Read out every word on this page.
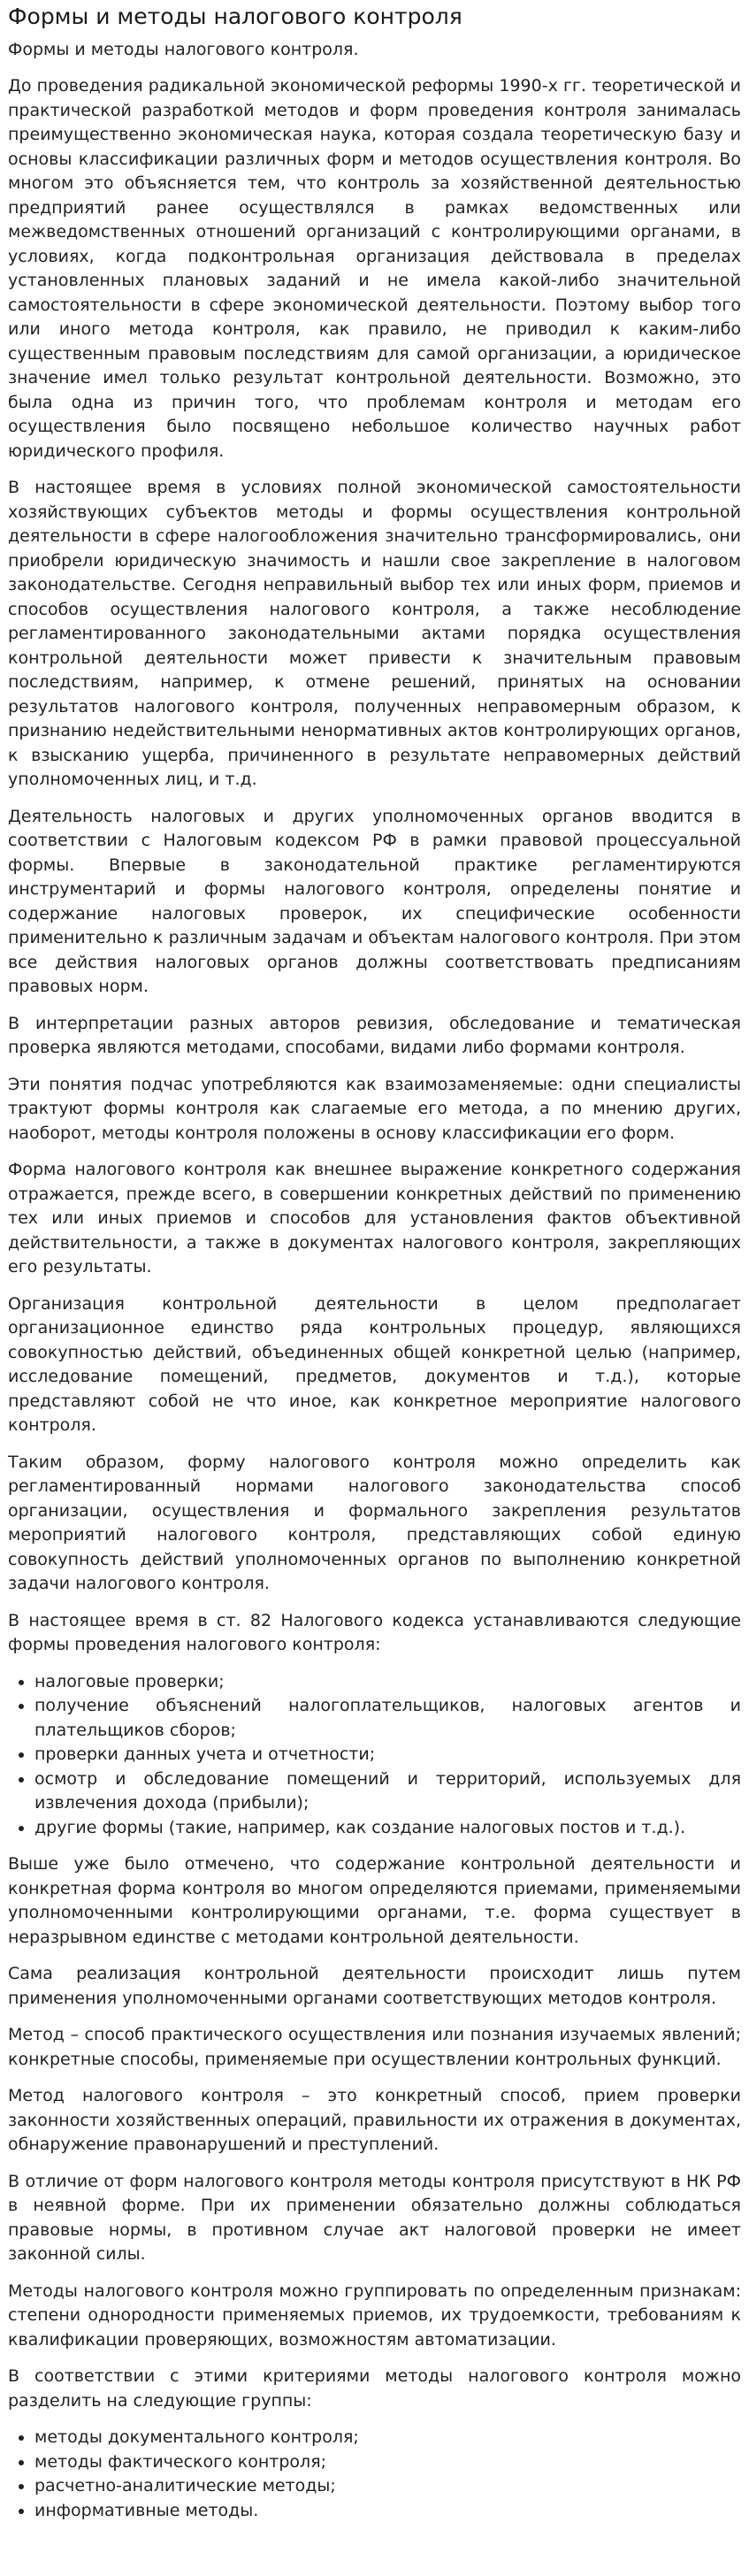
Формы и методы налогового контроля
Формы и методы налогового контроля.

До проведения радикальной экономической реформы 1990-х гг. теоретической и практической разработкой методов и форм проведения контроля занималась преимущественно экономическая наука, которая создала теоретическую базу и основы классификации различных форм и методов осуществления контроля. Во многом это объясняется тем, что контроль за хозяйственной деятельностью предприятий ранее осуществлялся в рамках ведомственных или межведомственных отношений организаций с контролирующими органами, в условиях, когда подконтрольная организация действовала в пределах установленных плановых заданий и не имела какой-либо значительной самостоятельности в сфере экономической деятельности. Поэтому выбор того или иного метода контроля, как правило, не приводил к каким-либо существенным правовым последствиям для самой организации, а юридическое значение имел только результат контрольной деятельности. Возможно, это была одна из причин того, что проблемам контроля и методам его осуществления было посвящено небольшое количество научных работ юридического профиля.

В настоящее время в условиях полной экономической самостоятельности хозяйствующих субъектов методы и формы осуществления контрольной деятельности в сфере налогообложения значительно трансформировались, они приобрели юридическую значимость и нашли свое закрепление в налоговом законодательстве. Сегодня неправильный выбор тех или иных форм, приемов и способов осуществления налогового контроля, а также несоблюдение регламентированного законодательными актами порядка осуществления контрольной деятельности может привести к значительным правовым последствиям, например, к отмене решений, принятых на основании результатов налогового контроля, полученных неправомерным образом, к признанию недействительными ненормативных актов контролирующих органов, к взысканию ущерба, причиненного в результате неправомерных действий уполномоченных лиц, и т.д.

Деятельность налоговых и других уполномоченных органов вводится в соответствии с Налоговым кодексом РФ в рамки правовой процессуальной формы. Впервые в законодательной практике регламентируются инструментарий и формы налогового контроля, определены понятие и содержание налоговых проверок, их специфические особенности применительно к различным задачам и объектам налогового контроля. При этом все действия налоговых органов должны соответствовать предписаниям правовых норм.

В интерпретации разных авторов ревизия, обследование и тематическая проверка являются методами, способами, видами либо формами контроля.

Эти понятия подчас употребляются как взаимозаменяемые: одни специалисты трактуют формы контроля как слагаемые его метода, а по мнению других, наоборот, методы контроля положены в основу классификации его форм.

Форма налогового контроля как внешнее выражение конкретного содержания отражается, прежде всего, в совершении конкретных действий по применению тех или иных приемов и способов для установления фактов объективной действительности, а также в документах налогового контроля, закрепляющих его результаты.

Организация контрольной деятельности в целом предполагает организационное единство ряда контрольных процедур, являющихся совокупностью действий, объединенных общей конкретной целью (например, исследование помещений, предметов, документов и т.д.), которые представляют собой не что иное, как конкретное мероприятие налогового контроля.

Таким образом, форму налогового контроля можно определить как регламентированный нормами налогового законодательства способ организации, осуществления и формального закрепления результатов мероприятий налогового контроля, представляющих собой единую совокупность действий уполномоченных органов по выполнению конкретной задачи налогового контроля.

В настоящее время в ст. 82 Налогового кодекса устанавливаются следующие формы проведения налогового контроля:

• налоговые проверки;
• получение объяснений налогоплательщиков, налоговых агентов и плательщиков сборов;
• проверки данных учета и отчетности;
• осмотр и обследование помещений и территорий, используемых для извлечения дохода (прибыли);
• другие формы (такие, например, как создание налоговых постов и т.д.).

Выше уже было отмечено, что содержание контрольной деятельности и конкретная форма контроля во многом определяются приемами, применяемыми уполномоченными контролирующими органами, т.е. форма существует в неразрывном единстве с методами контрольной деятельности.

Сама реализация контрольной деятельности происходит лишь путем применения уполномоченными органами соответствующих методов контроля.

Метод – способ практического осуществления или познания изучаемых явлений; конкретные способы, применяемые при осуществлении контрольных функций.

Метод налогового контроля – это конкретный способ, прием проверки законности хозяйственных операций, правильности их отражения в документах, обнаружение правонарушений и преступлений.

В отличие от форм налогового контроля методы контроля присутствуют в НК РФ в неявной форме. При их применении обязательно должны соблюдаться правовые нормы, в противном случае акт налоговой проверки не имеет законной силы.

Методы налогового контроля можно группировать по определенным признакам: степени однородности применяемых приемов, их трудоемкости, требованиям к квалификации проверяющих, возможностям автоматизации.

В соответствии с этими критериями методы налогового контроля можно разделить на следующие группы:

• методы документального контроля;
• методы фактического контроля;
• расчетно-аналитические методы;
• информативные методы.
